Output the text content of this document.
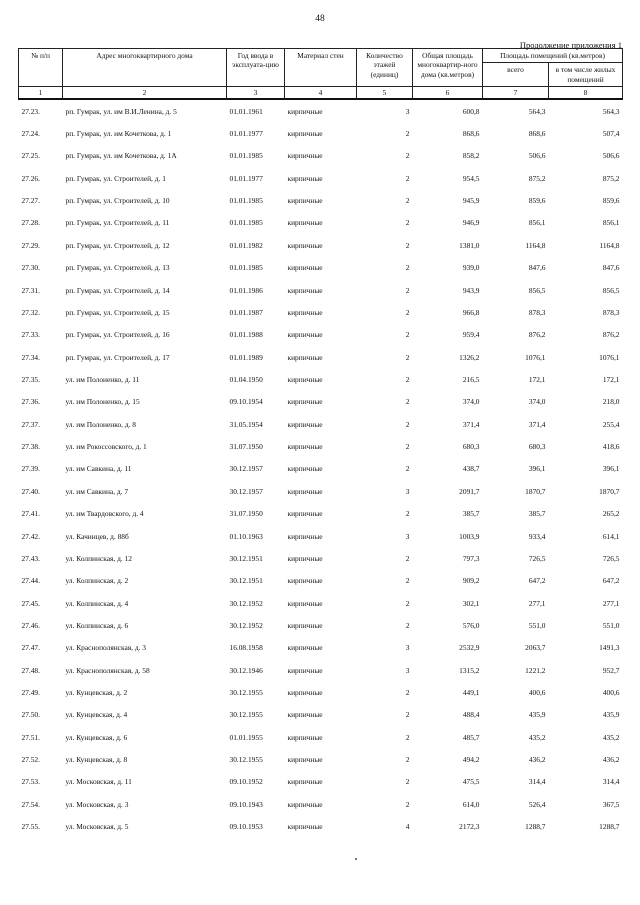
48
Продолжение приложения 1
№ п/п	Адрес многоквартирного дома	Год ввода в эксплуата-цию	Материал стен	Количество этажей (единиц)	Общая площадь многоквартир-ного дома (кв.метров)	Площадь помещений (кв.метров)	
						всего	в том числе жилых помещений
1	2	3	4	5	6	7	8
27.23.	рп. Гумрак, ул. им В.И.Ленина, д. 5	01.01.1961	кирпичные	3	600,8	564,3	564,3
27.24.	рп. Гумрак, ул. им Кочеткова, д. 1	01.01.1977	кирпичные	2	868,6	868,6	507,4
27.25.	рп. Гумрак, ул. им Кочеткова, д. 1А	01.01.1985	кирпичные	2	858,2	506,6	506,6
27.26.	рп. Гумрак, ул. Строителей, д. 1	01.01.1977	кирпичные	2	954,5	875,2	875,2
27.27.	рп. Гумрак, ул. Строителей, д. 10	01.01.1985	кирпичные	2	945,9	859,6	859,6
27.28.	рп. Гумрак, ул. Строителей, д. 11	01.01.1985	кирпичные	2	946,9	856,1	856,1
27.29.	рп. Гумрак, ул. Строителей, д. 12	01.01.1982	кирпичные	2	1381,0	1164,8	1164,8
27.30.	рп. Гумрак, ул. Строителей, д. 13	01.01.1985	кирпичные	2	939,0	847,6	847,6
27.31.	рп. Гумрак, ул. Строителей, д. 14	01.01.1986	кирпичные	2	943,9	856,5	856,5
27.32.	рп. Гумрак, ул. Строителей, д. 15	01.01.1987	кирпичные	2	966,8	878,3	878,3
27.33.	рп. Гумрак, ул. Строителей, д. 16	01.01.1988	кирпичные	2	959,4	876,2	876,2
27.34.	рп. Гумрак, ул. Строителей, д. 17	01.01.1989	кирпичные	2	1326,2	1076,1	1076,1
27.35.	ул. им Полоненко, д. 11	01.04.1950	кирпичные	2	216,5	172,1	172,1
27.36.	ул. им Полоненко, д. 15	09.10.1954	кирпичные	2	374,0	374,0	218,0
27.37.	ул. им Полоненко, д. 8	31.05.1954	кирпичные	2	371,4	371,4	255,4
27.38.	ул. им Рокоссовского, д. 1	31.07.1950	кирпичные	2	680,3	680,3	418,6
27.39.	ул. им Савкина, д. 11	30.12.1957	кирпичные	2	438,7	396,1	396,1
27.40.	ул. им Савкина, д. 7	30.12.1957	кирпичные	3	2091,7	1870,7	1870,7
27.41.	ул. им Твардовского, д. 4	31.07.1950	кирпичные	2	385,7	385,7	265,2
27.42.	ул. Качинцев, д. 88б	01.10.1963	кирпичные	3	1003,9	933,4	614,1
27.43.	ул. Колпинская, д. 12	30.12.1951	кирпичные	2	797,3	726,5	726,5
27.44.	ул. Колпинская, д. 2	30.12.1951	кирпичные	2	909,2	647,2	647,2
27.45.	ул. Колпинская, д. 4	30.12.1952	кирпичные	2	302,1	277,1	277,1
27.46.	ул. Колпинская, д. 6	30.12.1952	кирпичные	2	576,0	551,0	551,0
27.47.	ул. Краснополянская, д. 3	16.08.1958	кирпичные	3	2532,9	2063,7	1491,3
27.48.	ул. Краснополянская, д. 58	30.12.1946	кирпичные	3	1315,2	1221,2	952,7
27.49.	ул. Кунцевская, д. 2	30.12.1955	кирпичные	2	449,1	400,6	400,6
27.50.	ул. Кунцевская, д. 4	30.12.1955	кирпичные	2	488,4	435,9	435,9
27.51.	ул. Кунцевская, д. 6	01.01.1955	кирпичные	2	485,7	435,2	435,2
27.52.	ул. Кунцевская, д. 8	30.12.1955	кирпичные	2	494,2	436,2	436,2
27.53.	ул. Московская, д. 11	09.10.1952	кирпичные	2	475,5	314,4	314,4
27.54.	ул. Московская, д. 3	09.10.1943	кирпичные	2	614,0	526,4	367,5
27.55.	ул. Московская, д. 5	09.10.1953	кирпичные	4	2172,3	1288,7	1288,7
